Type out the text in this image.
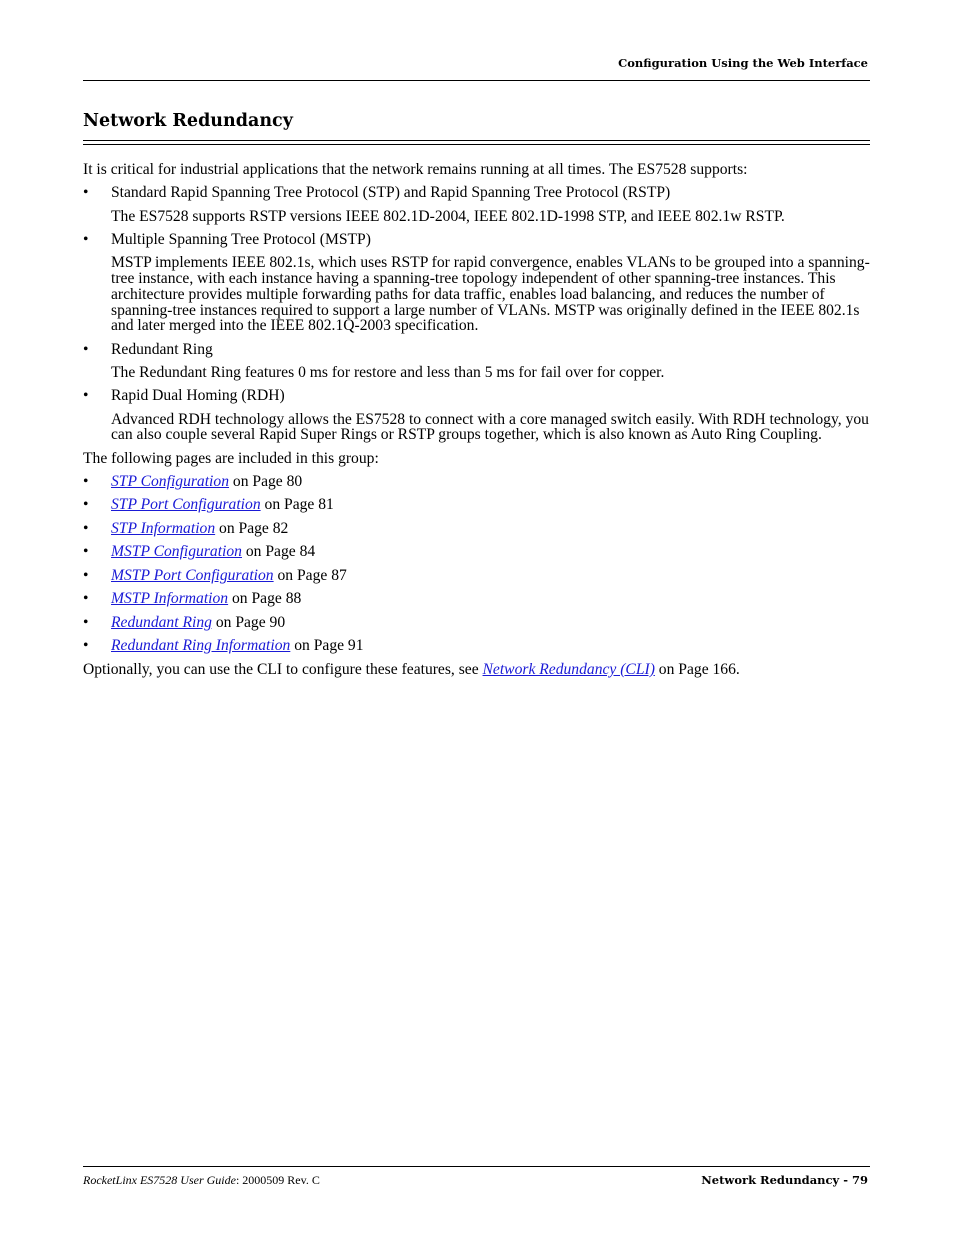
Configuration Using the Web Interface
Network Redundancy

It is critical for industrial applications that the network remains running at all times. The ES7528 supports:

• Standard Rapid Spanning Tree Protocol (STP) and Rapid Spanning Tree Protocol (RSTP)

The ES7528 supports RSTP versions IEEE 802.1D-2004, IEEE 802.1D-1998 STP, and IEEE 802.1w RSTP.

• Multiple Spanning Tree Protocol (MSTP)

MSTP implements IEEE 802.1s, which uses RSTP for rapid convergence, enables VLANs to be grouped into a spanning-tree instance, with each instance having a spanning-tree topology independent of other spanning-tree instances. This architecture provides multiple forwarding paths for data traffic, enables load balancing, and reduces the number of spanning-tree instances required to support a large number of VLANs. MSTP was originally defined in the IEEE 802.1s and later merged into the IEEE 802.1Q-2003 specification.

• Redundant Ring

The Redundant Ring features 0 ms for restore and less than 5 ms for fail over for copper.

• Rapid Dual Homing (RDH)

Advanced RDH technology allows the ES7528 to connect with a core managed switch easily. With RDH technology, you can also couple several Rapid Super Rings or RSTP groups together, which is also known as Auto Ring Coupling.

The following pages are included in this group:

• STP Configuration on Page 80
• STP Port Configuration on Page 81
• STP Information on Page 82
• MSTP Configuration on Page 84
• MSTP Port Configuration on Page 87
• MSTP Information on Page 88
• Redundant Ring on Page 90
• Redundant Ring Information on Page 91

Optionally, you can use the CLI to configure these features, see Network Redundancy (CLI) on Page 166.

RocketLinx ES7528 User Guide: 2000509 Rev. C	Network Redundancy - 79
